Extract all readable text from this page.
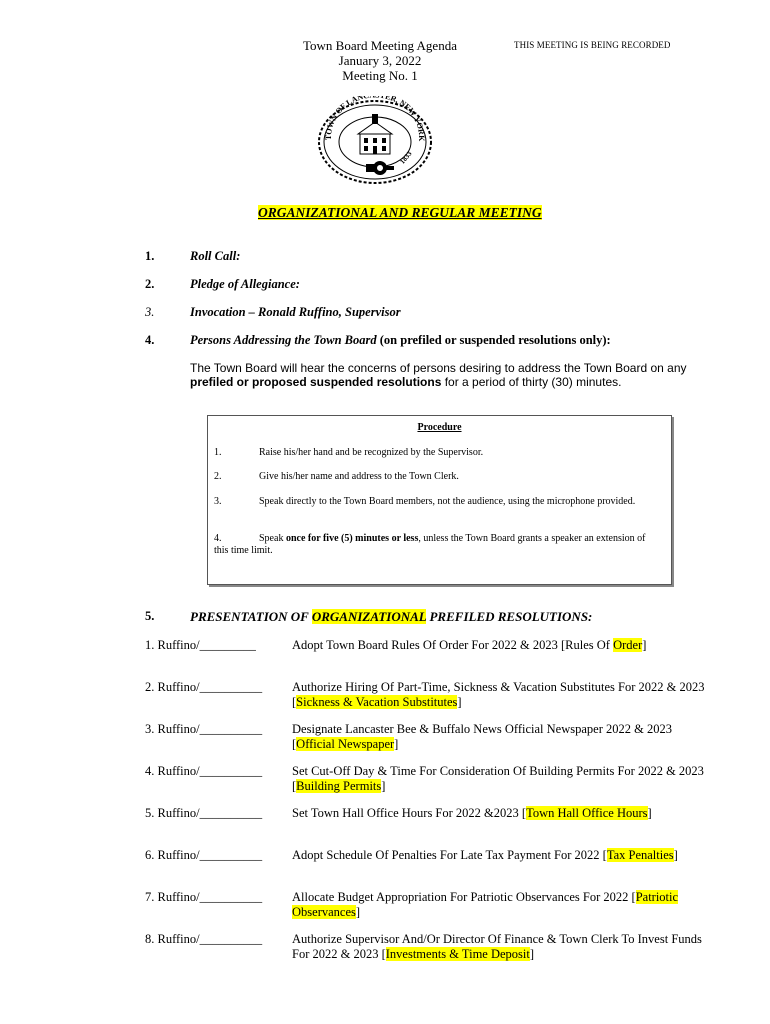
Town Board Meeting Agenda
January 3, 2022
Meeting No. 1
THIS MEETING IS BEING RECORDED
TOWN OF LAN ER, NEW YORK
1833
ORGANIZATIONAL AND REGULAR MEETING
1.	Roll Call:
2.	Pledge of Allegiance:
3.	Invocation – Ronald Ruffino, Supervisor
4.	Persons Addressing the Town Board (on prefiled or suspended resolutions only):
The Town Board will hear the concerns of persons desiring to address the Town Board on any prefiled or proposed suspended resolutions for a period of thirty (30) minutes.
Procedure
1.	Raise his/her hand and be recognized by the Supervisor.
2.	Give his/her name and address to the Town Clerk.
3.	Speak directly to the Town Board members, not the audience, using the microphone provided.
4.	Speak once for five (5) minutes or less, unless the Town Board grants a speaker an extension of this time limit.
5.	PRESENTATION OF ORGANIZATIONAL PREFILED RESOLUTIONS:
1. Ruffino/_________	Adopt Town Board Rules Of Order For 2022 & 2023 [Rules Of Order]
2. Ruffino/__________ Authorize Hiring Of Part-Time, Sickness & Vacation Substitutes For 2022 & 2023 [Sickness & Vacation Substitutes]
3. Ruffino/__________ Designate Lancaster Bee & Buffalo News Official Newspaper 2022 & 2023 [Official Newspaper]
4. Ruffino/__________ Set Cut-Off Day & Time For Consideration Of Building Permits For 2022 & 2023 [Building Permits]
5. Ruffino/__________ Set Town Hall Office Hours For 2022 &2023 [Town Hall Office Hours]
6. Ruffino/__________ Adopt Schedule Of Penalties For Late Tax Payment For 2022 [Tax Penalties]
7. Ruffino/__________ Allocate Budget Appropriation For Patriotic Observances For 2022 [Patriotic Observances]
8. Ruffino/__________ Authorize Supervisor And/Or Director Of Finance & Town Clerk To Invest Funds For 2022 & 2023 [Investments & Time Deposit]
